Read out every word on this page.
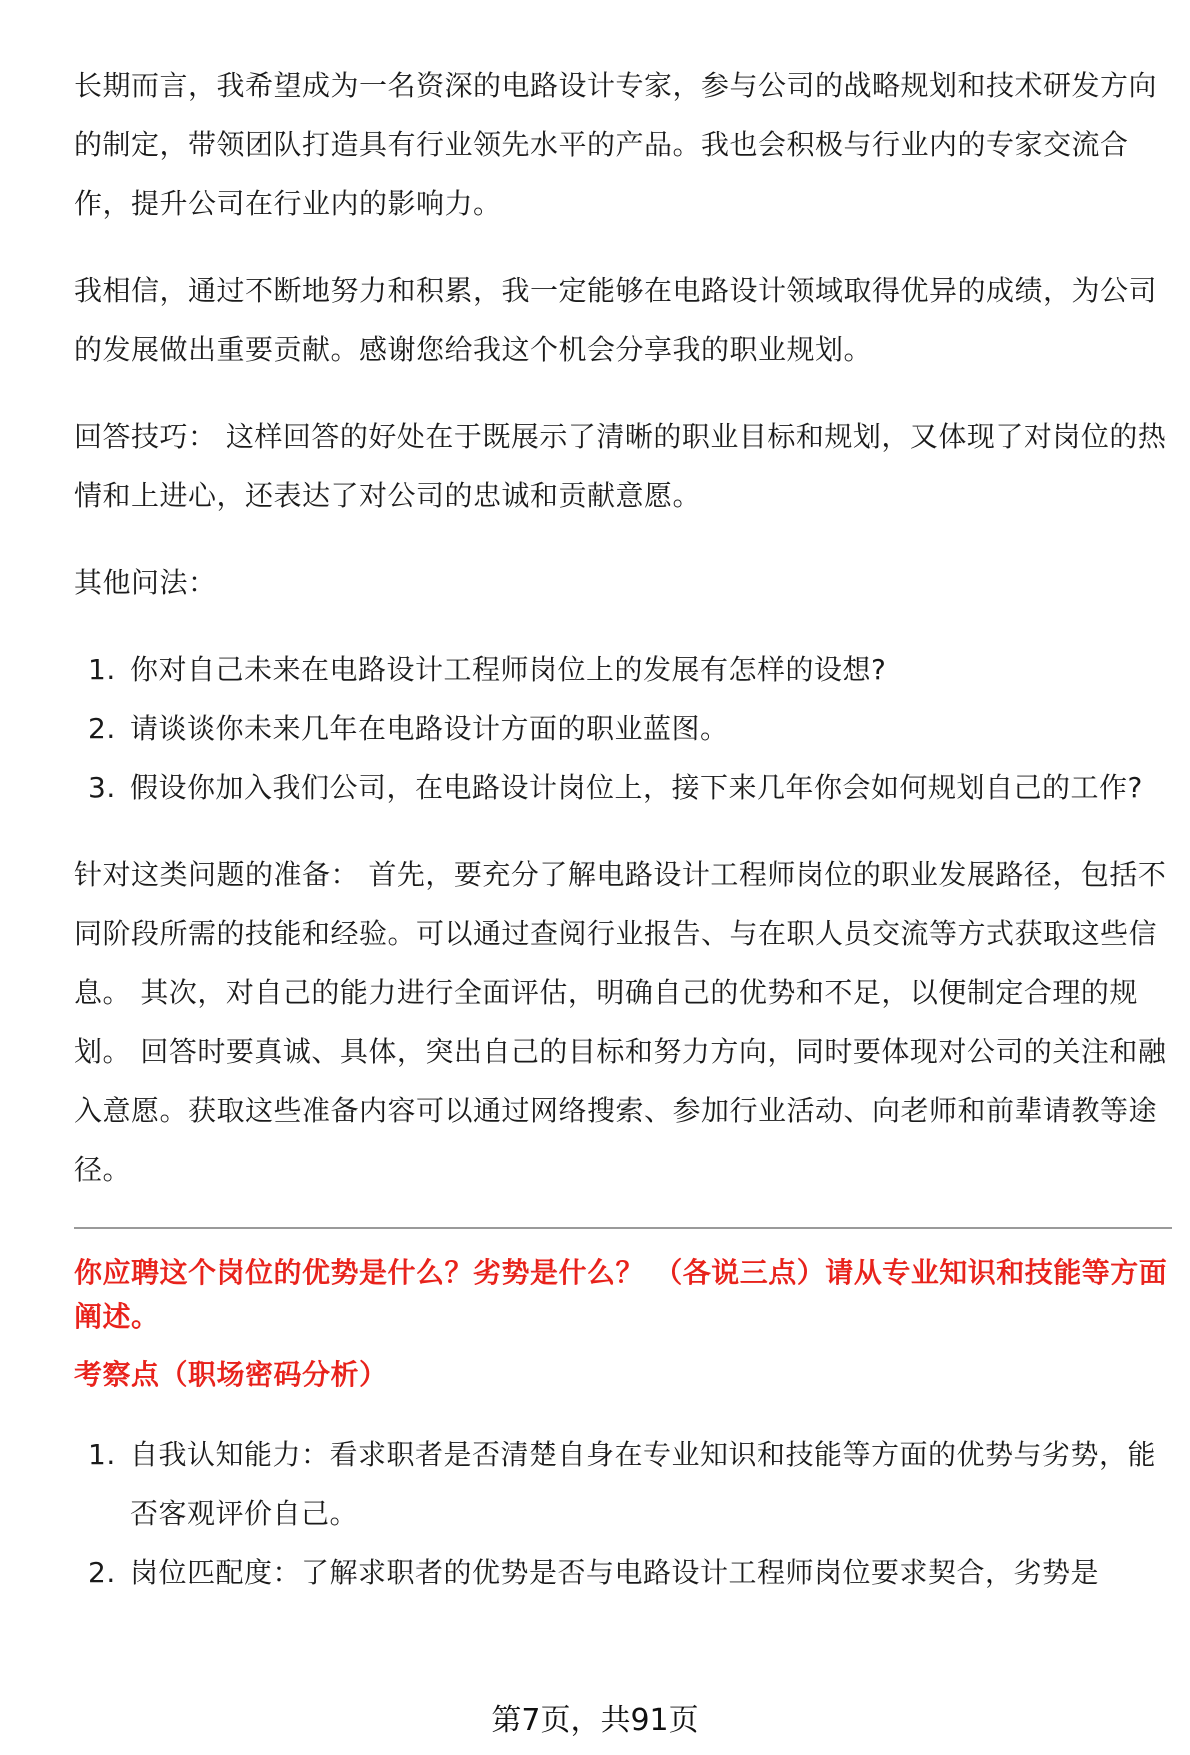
长期而言，我希望成为一名资深的电路设计专家，参与公司的战略规划和技术研发方向的制定，带领团队打造具有行业领先水平的产品。我也会积极与行业内的专家交流合作，提升公司在行业内的影响力。

我相信，通过不断地努力和积累，我一定能够在电路设计领域取得优异的成绩，为公司的发展做出重要贡献。感谢您给我这个机会分享我的职业规划。

回答技巧： 这样回答的好处在于既展示了清晰的职业目标和规划，又体现了对岗位的热情和上进心，还表达了对公司的忠诚和贡献意愿。

其他问法：

1. 你对自己未来在电路设计工程师岗位上的发展有怎样的设想?
2. 请谈谈你未来几年在电路设计方面的职业蓝图。
3. 假设你加入我们公司，在电路设计岗位上，接下来几年你会如何规划自己的工作?

针对这类问题的准备： 首先，要充分了解电路设计工程师岗位的职业发展路径，包括不同阶段所需的技能和经验。可以通过查阅行业报告、与在职人员交流等方式获取这些信息。 其次，对自己的能力进行全面评估，明确自己的优势和不足，以便制定合理的规划。 回答时要真诚、具体，突出自己的目标和努力方向，同时要体现对公司的关注和融入意愿。获取这些准备内容可以通过网络搜索、参加行业活动、向老师和前辈请教等途径。

你应聘这个岗位的优势是什么？劣势是什么？ （各说三点）请从专业知识和技能等方面阐述。
考察点（职场密码分析）
1. 自我认知能力：看求职者是否清楚自身在专业知识和技能等方面的优势与劣势，能否客观评价自己。
2. 岗位匹配度：了解求职者的优势是否与电路设计工程师岗位要求契合，劣势是
第7页，共91页
